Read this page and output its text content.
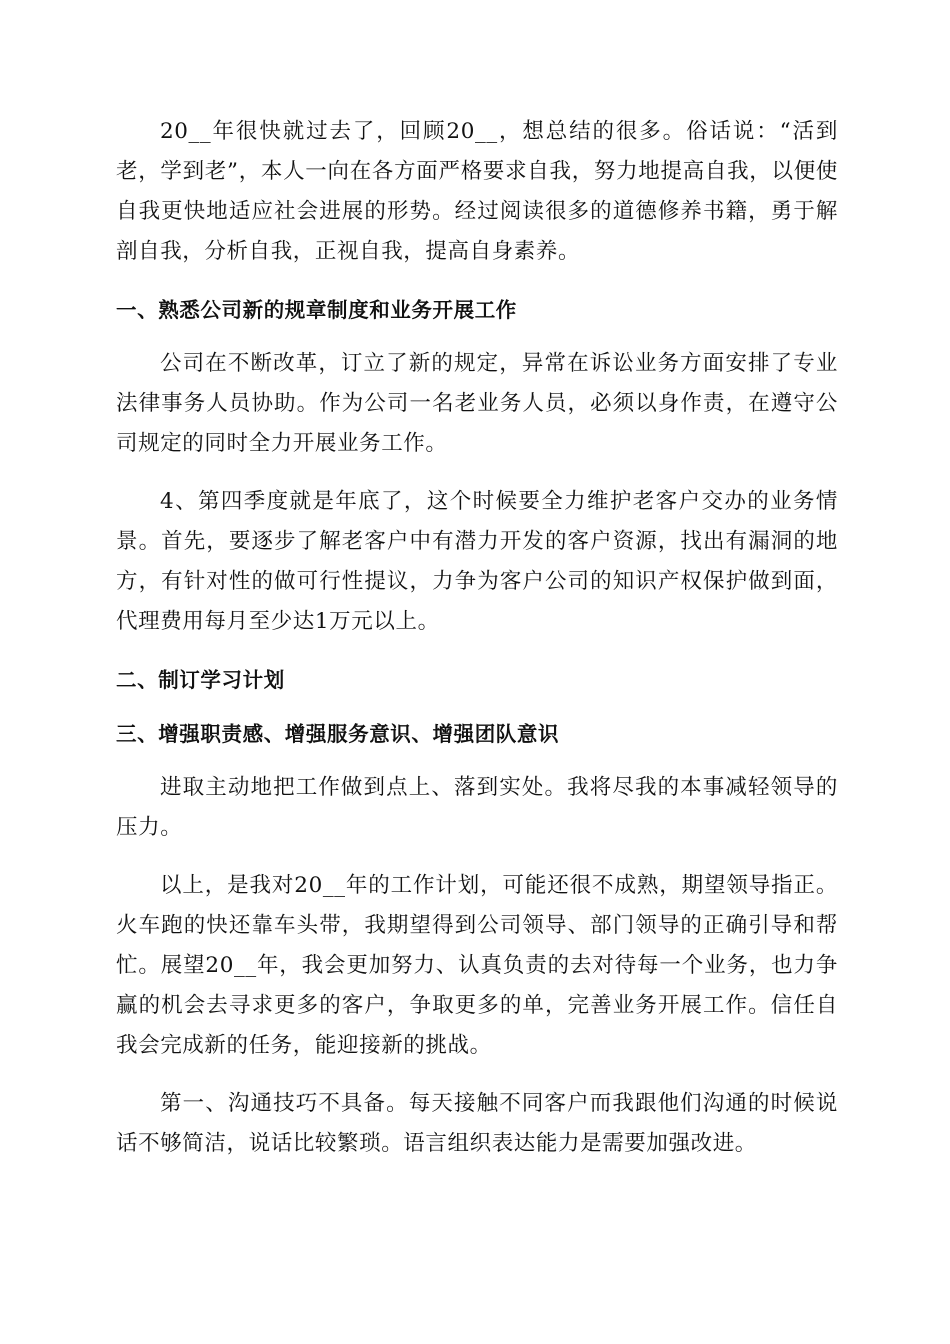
20__年很快就过去了，回顾20__，想总结的很多。俗话说：“活到老，学到老”，本人一向在各方面严格要求自我，努力地提高自我，以便使自我更快地适应社会进展的形势。经过阅读很多的道德修养书籍，勇于解剖自我，分析自我，正视自我，提高自身素养。

一、熟悉公司新的规章制度和业务开展工作

公司在不断改革，订立了新的规定，异常在诉讼业务方面安排了专业法律事务人员协助。作为公司一名老业务人员，必须以身作责，在遵守公司规定的同时全力开展业务工作。

4、第四季度就是年底了，这个时候要全力维护老客户交办的业务情景。首先，要逐步了解老客户中有潜力开发的客户资源，找出有漏洞的地方，有针对性的做可行性提议，力争为客户公司的知识产权保护做到面，代理费用每月至少达1万元以上。

二、制订学习计划
三、增强职责感、增强服务意识、增强团队意识

进取主动地把工作做到点上、落到实处。我将尽我的本事减轻领导的压力。

以上，是我对20__年的工作计划，可能还很不成熟，期望领导指正。火车跑的快还靠车头带，我期望得到公司领导、部门领导的正确引导和帮忙。展望20__年，我会更加努力、认真负责的去对待每一个业务，也力争赢的机会去寻求更多的客户，争取更多的单，完善业务开展工作。信任自我会完成新的任务，能迎接新的挑战。

第一、沟通技巧不具备。每天接触不同客户而我跟他们沟通的时候说话不够简洁，说话比较繁琐。语言组织表达能力是需要加强改进。
